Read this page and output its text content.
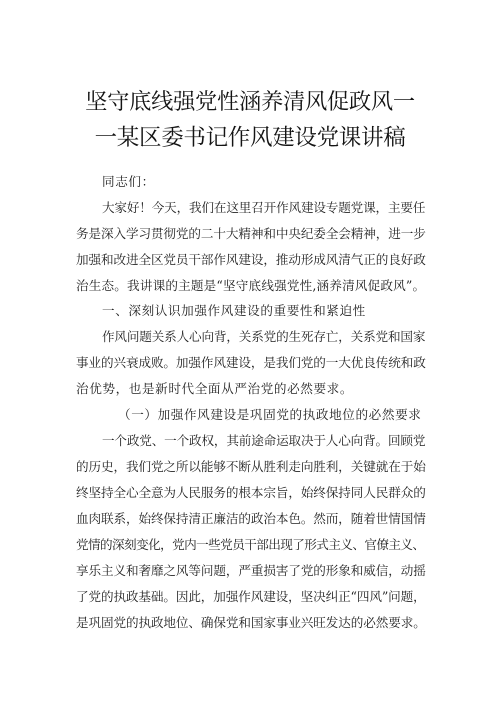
坚守底线强党性涵养清风促政风一
一某区委书记作风建设党课讲稿
同志们：
大家好！今天，我们在这里召开作风建设专题党课，主要任
务是深入学习贯彻党的二十大精神和中央纪委全会精神，进一步
加强和改进全区党员干部作风建设，推动形成风清气正的良好政
治生态。我讲课的主题是“坚守底线强党性,涵养清风促政风”。
一、深刻认识加强作风建设的重要性和紧迫性
作风问题关系人心向背，关系党的生死存亡，关系党和国家
事业的兴衰成败。加强作风建设，是我们党的一大优良传统和政
治优势，也是新时代全面从严治党的必然要求。
（一）加强作风建设是巩固党的执政地位的必然要求
一个政党、一个政权，其前途命运取决于人心向背。回顾党
的历史，我们党之所以能够不断从胜利走向胜利，关键就在于始
终坚持全心全意为人民服务的根本宗旨，始终保持同人民群众的
血肉联系，始终保持清正廉洁的政治本色。然而，随着世情国情
党情的深刻变化，党内一些党员干部出现了形式主义、官僚主义、
享乐主义和奢靡之风等问题，严重损害了党的形象和威信，动摇
了党的执政基础。因此，加强作风建设，坚决纠正“四风”问题，
是巩固党的执政地位、确保党和国家事业兴旺发达的必然要求。
